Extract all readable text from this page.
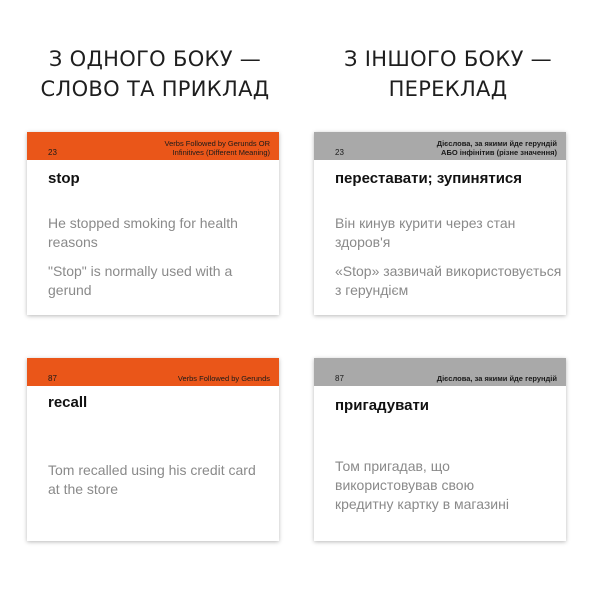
З ОДНОГО БОКУ —
СЛОВО ТА ПРИКЛАД
З ІНШОГО БОКУ —
ПЕРЕКЛАД
23
Verbs Followed by Gerunds OR
Infinitives (Different Meaning)
stop
He stopped smoking for health reasons
"Stop" is normally used with a gerund
23
Дієслова, за якими йде герундій
АБО інфінітив (різне значення)
переставати; зупинятися
Він кинув курити через стан здоров'я
«Stop» зазвичай використовується з герундієм
87	Verbs Followed by Gerunds
recall
Tom recalled using his credit card at the store
87	Дієслова, за якими йде герундій
пригадувати
Том пригадав, що використовував свою кредитну картку в магазині
